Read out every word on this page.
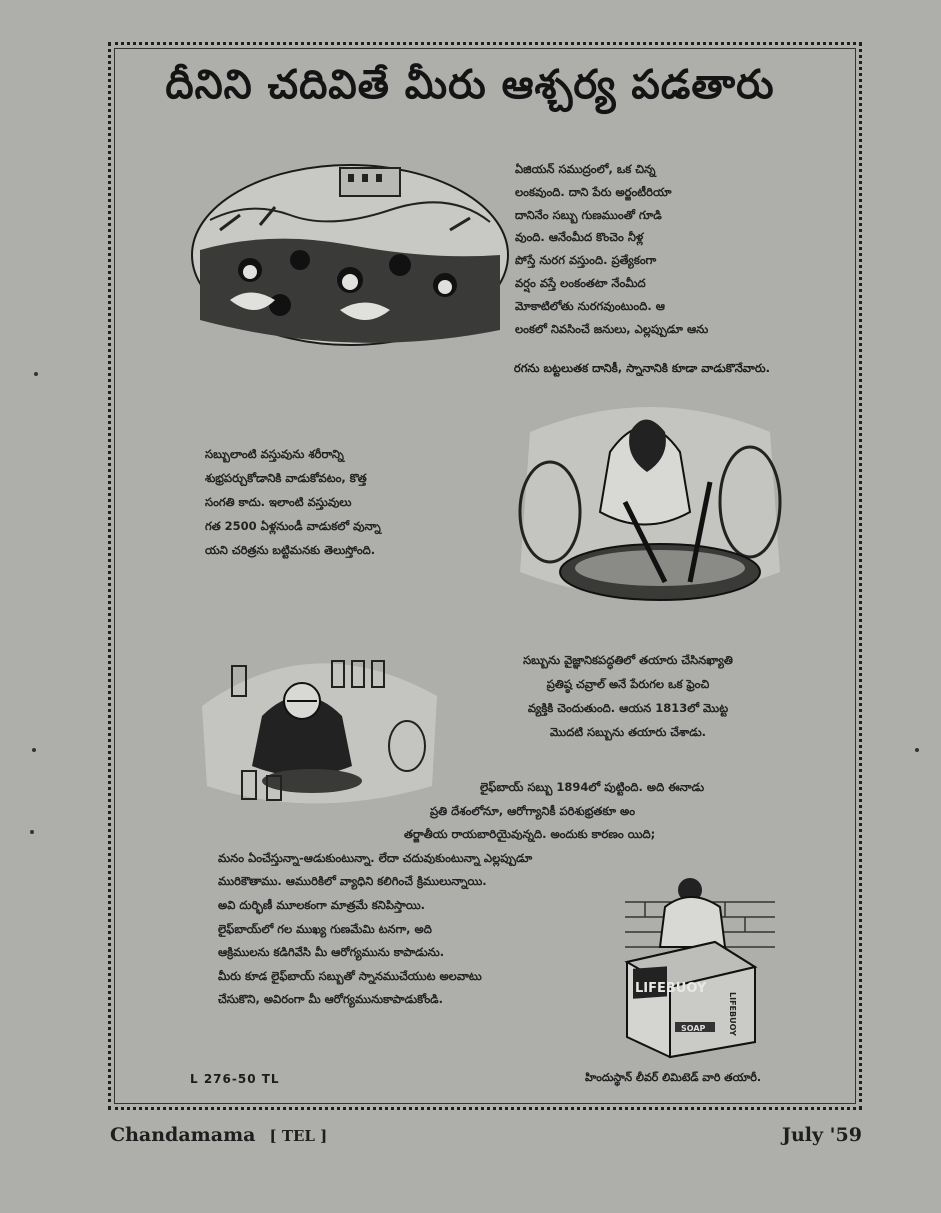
దీనిని చదివితే మీరు ఆశ్చర్య పడతారు
ఏజియన్ సముద్రంలో, ఒక చిన్న
లంకవుంది. దాని పేరు అర్జంటీరియా
దానినేం సబ్బు గుణముంతో గూడి
వుంది. ఆనేంమీద కొంచెం నీళ్ల
పోస్తే నురగ వస్తుంది. ప్రత్యేకంగా
వర్షం వస్తే లంకంతటా నేంమీద
మోకాటిలోతు నురగవుంటుంది. ఆ
లంకలో నివసించే జనులు, ఎల్లప్పుడూ ఆను
రగను బట్టలుతక దానికీ, స్నానానికి కూడా వాడుకొనేవారు.
సబ్బులాంటి వస్తువును శరీరాన్ని
శుభ్రపర్చుకోడానికి వాడుకోవటం, కొత్త
సంగతి కాదు. ఇలాంటి వస్తువులు
గత 2500 ఏళ్లనుండీ వాడుకలో వున్నా
యని చరిత్రను బట్టిమనకు తెలుస్తోంది.
సబ్బును వైజ్ఞానికపద్ధతిలో తయారు చేసినఖ్యాతి
ప్రతిష్ఠ చవ్రాల్ అనే పేరుగల ఒక ఫ్రెంచి
వ్యక్తికి చెందుతుంది. ఆయన 1813లో మొట్ట
మొదటి సబ్బును తయారు చేశాడు.
లైఫ్‌బాయ్ సబ్బు 1894లో పుట్టింది. అది ఈనాడు
ప్రతి దేశంలోనూ, ఆరోగ్యానికీ పరిశుభ్రతకూ అం
తర్జాతీయ రాయబారియైవున్నది. అందుకు కారణం యిది;
మనం ఏంచేస్తున్నా-ఆడుకుంటున్నా. లేదా చదువుకుంటున్నా ఎల్లప్పుడూ
మురికౌతాము. ఆమురికిలో వ్యాధిని కలిగించే క్రిములున్నాయి.
అవి దుర్భిణీ మూలకంగా మాత్రమే కనిపిస్తాయి.
లైఫ్‌బాయ్‌లో గల ముఖ్య గుణమేమి టనగా, అది
ఆక్రిములను కడిగివేసి మీ ఆరోగ్యమును కాపాడును.
మీరు కూడ లైఫ్‌బాయ్ సబ్బుతో స్నానముచేయుట అలవాటు
చేసుకొని, అవిరంగా మీ ఆరోగ్యమునుకాపాడుకోండి.
LIFEBUOY
SOAP	LIFEBUOY
L 276-50 TL	హిందుస్థాన్ లీవర్ లిమిటెడ్ వారి తయారీ.
Chandamama [ TEL ]	July '59
